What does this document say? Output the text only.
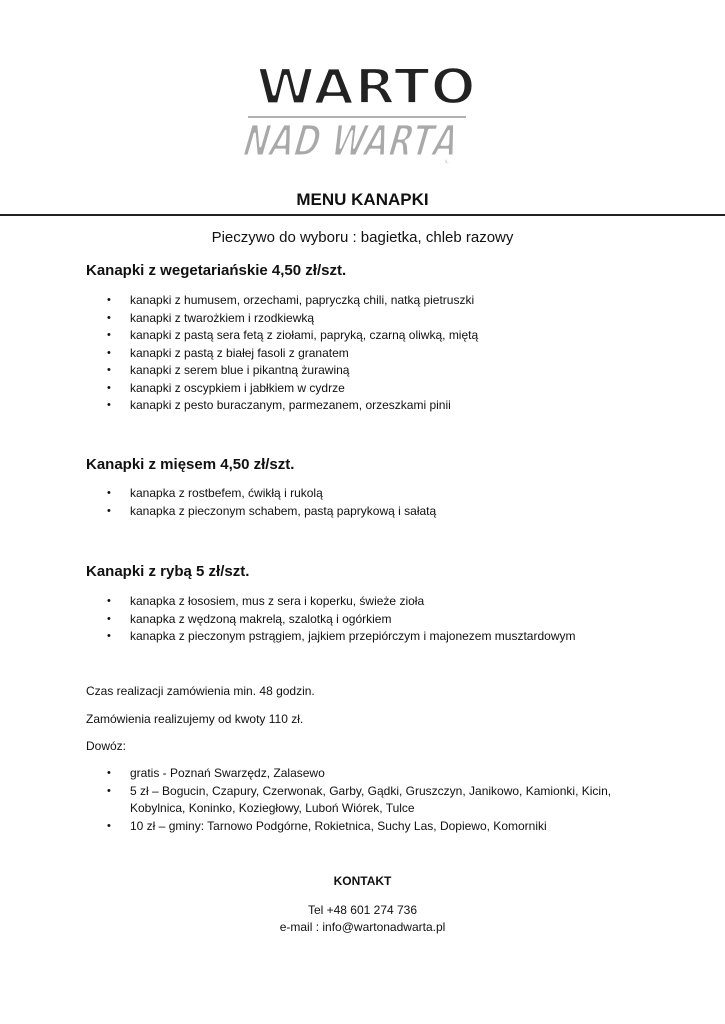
WARTO
NAD WARTĄ
MENU KANAPKI
Pieczywo do wyboru : bagietka, chleb razowy
Kanapki z wegetariańskie 4,50 zł/szt.
• kanapki z humusem, orzechami, papryczką chili, natką pietruszki
• kanapki z twarożkiem i rzodkiewką
• kanapki z pastą sera fetą z ziołami, papryką, czarną oliwką, miętą
• kanapki z pastą z białej fasoli z granatem
• kanapki z serem blue i pikantną żurawiną
• kanapki z oscypkiem i jabłkiem w cydrze
• kanapki z pesto buraczanym, parmezanem, orzeszkami pinii
Kanapki z mięsem 4,50 zł/szt.
• kanapka z rostbefem, ćwikłą i rukolą
• kanapka z pieczonym schabem, pastą paprykową i sałatą
Kanapki z rybą 5 zł/szt.
• kanapka z łososiem, mus z sera i koperku, świeże zioła
• kanapka z wędzoną makrelą, szalotką i ogórkiem
• kanapka z pieczonym pstrągiem, jajkiem przepiórczym i majonezem musztardowym
Czas realizacji zamówienia min. 48 godzin.
Zamówienia realizujemy od kwoty 110 zł.
Dowóz:
• gratis - Poznań Swarzędz, Zalasewo
• 5 zł – Bogucin, Czapury, Czerwonak, Garby, Gądki, Gruszczyn, Janikowo, Kamionki, Kicin, Kobylnica, Koninko, Koziegłowy, Luboń Wiórek, Tulce
• 10 zł – gminy: Tarnowo Podgórne, Rokietnica, Suchy Las, Dopiewo, Komorniki
KONTAKT
Tel +48 601 274 736
e-mail : info@wartonadwarta.pl
